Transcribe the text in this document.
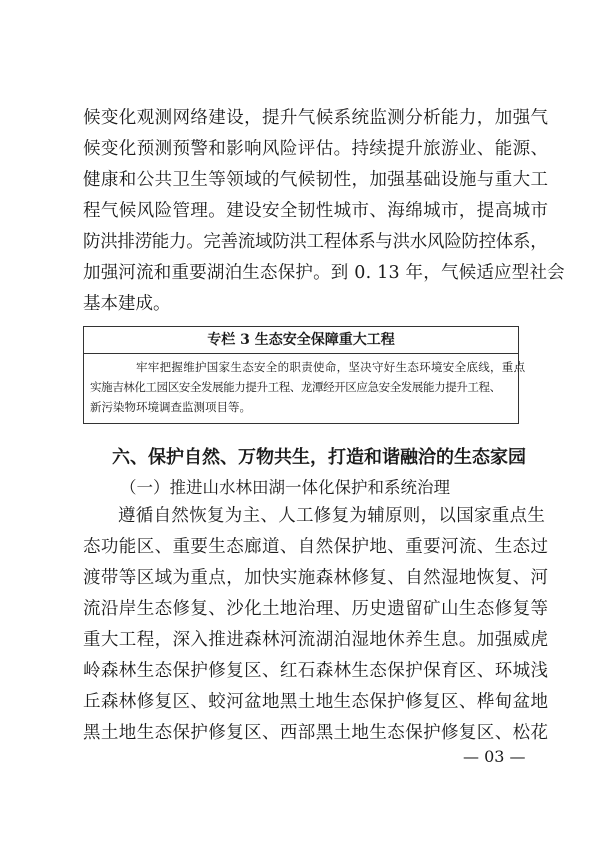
候变化观测网络建设，提升气候系统监测分析能力，加强气
候变化预测预警和影响风险评估。持续提升旅游业、能源、
健康和公共卫生等领域的气候韧性，加强基础设施与重大工
程气候风险管理。建设安全韧性城市、海绵城市，提高城市
防洪排涝能力。完善流域防洪工程体系与洪水风险防控体系，
加强河流和重要湖泊生态保护。到 0. 13 年，气候适应型社会
基本建成。
专栏 3 生态安全保障重大工程
牢牢把握维护国家生态安全的职责使命，坚决守好生态环境安全底线，重点
实施吉林化工园区安全发展能力提升工程、龙潭经开区应急安全发展能力提升工程、
新污染物环境调查监测项目等。
六、保护自然、万物共生，打造和谐融洽的生态家园
（一）推进山水林田湖一体化保护和系统治理
遵循自然恢复为主、人工修复为辅原则，以国家重点生
态功能区、重要生态廊道、自然保护地、重要河流、生态过
渡带等区域为重点，加快实施森林修复、自然湿地恢复、河
流沿岸生态修复、沙化土地治理、历史遗留矿山生态修复等
重大工程，深入推进森林河流湖泊湿地休养生息。加强威虎
岭森林生态保护修复区、红石森林生态保护保育区、环城浅
丘森林修复区、蛟河盆地黑土地生态保护修复区、桦甸盆地
黑土地生态保护修复区、西部黑土地生态保护修复区、松花
— 03 —
